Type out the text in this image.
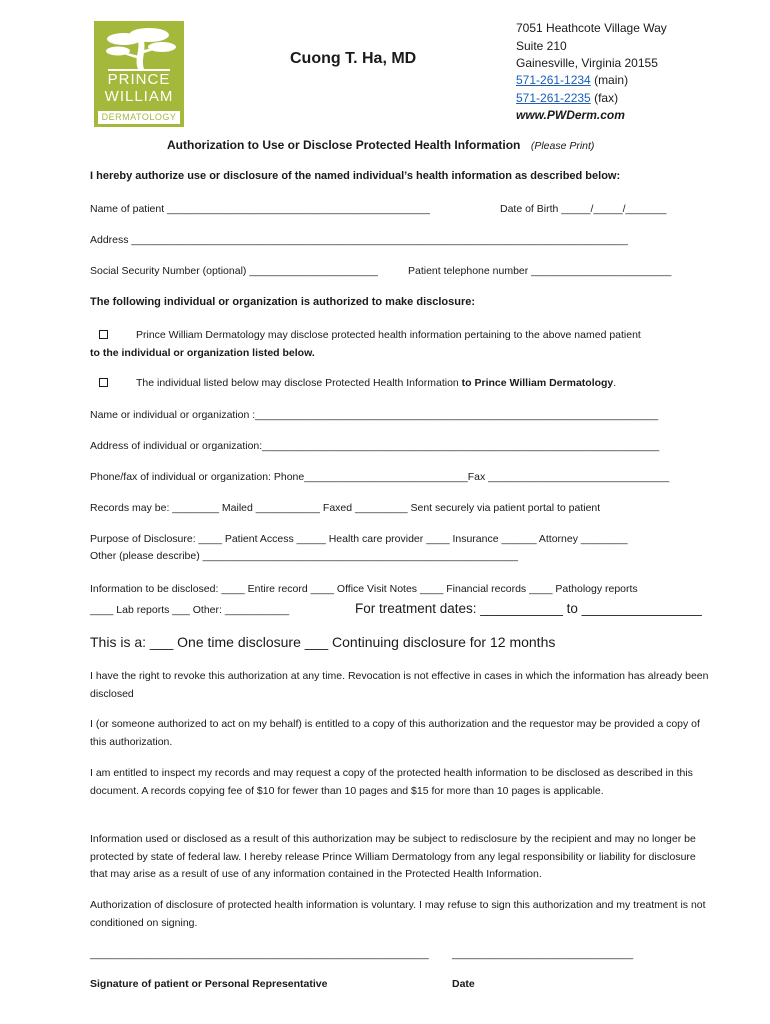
PRINCE
WILLIAM
DERMATOLOGY
Cuong T. Ha, MD
7051 Heathcote Village Way
Suite 210
Gainesville, Virginia 20155
571-261-1234 (main)
571-261-2235 (fax)
www.PWDerm.com
Authorization to Use or Disclose Protected Health Information (Please Print)
I hereby authorize use or disclosure of the named individual’s health information as described below:
Name of patient _____________________________________________	Date of Birth _____/_____/_______
Address _____________________________________________________________________________________
Social Security Number (optional) ______________________	Patient telephone number ________________________
The following individual or organization is authorized to make disclosure:
Prince William Dermatology may disclose protected health information pertaining to the above named patient
to the individual or organization listed below.
The individual listed below may disclose Protected Health Information to Prince William Dermatology.
Name or individual or organization :_____________________________________________________________________
Address of individual or organization:____________________________________________________________________
Phone/fax of individual or organization: Phone____________________________Fax _______________________________
Records may be: ________ Mailed ___________ Faxed _________ Sent securely via patient portal to patient
Purpose of Disclosure: ____ Patient Access _____ Health care provider ____ Insurance ______ Attorney ________
Other (please describe) ______________________________________________________
Information to be disclosed: ____ Entire record ____ Office Visit Notes ____ Financial records ____ Pathology reports
____ Lab reports ___ Other: ___________	For treatment dates: ___________ to ________________
This is a: ___ One time disclosure ___ Continuing disclosure for 12 months
I have the right to revoke this authorization at any time. Revocation is not effective in cases in which the information has already been disclosed
I (or someone authorized to act on my behalf) is entitled to a copy of this authorization and the requestor may be provided a copy of this authorization.
I am entitled to inspect my records and may request a copy of the protected health information to be disclosed as described in this document. A records copying fee of $10 for fewer than 10 pages and $15 for more than 10 pages is applicable.
Information used or disclosed as a result of this authorization may be subject to redisclosure by the recipient and may no longer be protected by state of federal law. I hereby release Prince William Dermatology from any legal responsibility or liability for disclosure that may arise as a result of use of any information contained in the Protected Health Information.
Authorization of disclosure of protected health information is voluntary. I may refuse to sign this authorization and my treatment is not conditioned on signing.
__________________________________________________________ _______________________________
Signature of patient or Personal Representative	Date
